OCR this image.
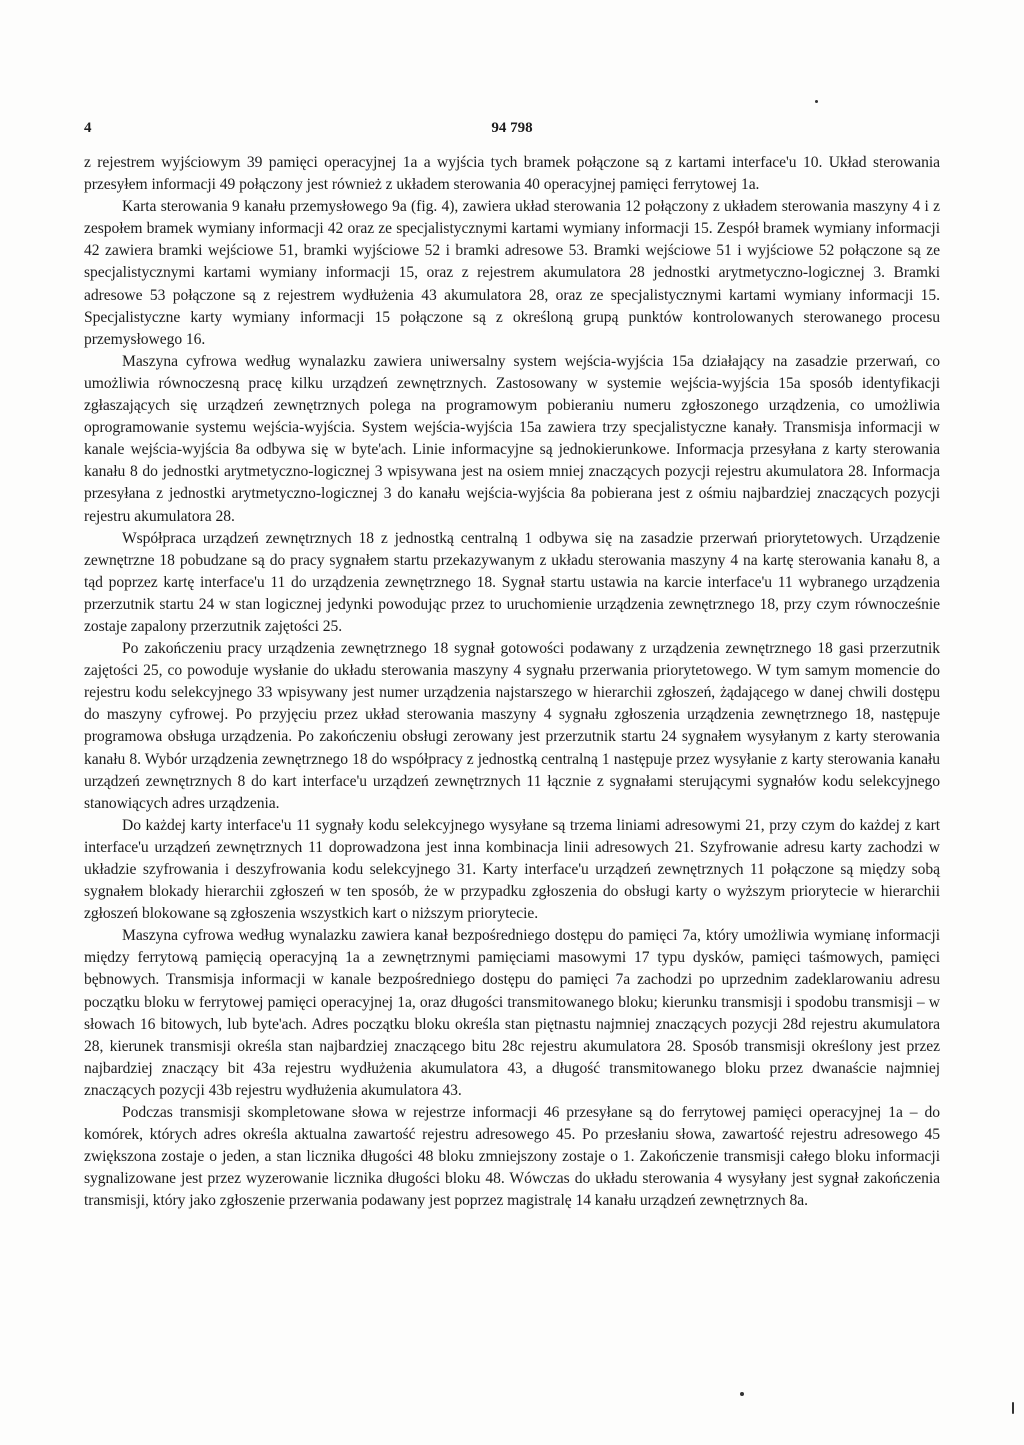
4	94 798

z rejestrem wyjściowym 39 pamięci operacyjnej 1a a wyjścia tych bramek połączone są z kartami interface'u 10. Układ sterowania przesyłem informacji 49 połączony jest również z układem sterowania 40 operacyjnej pamięci ferrytowej 1a.

Karta sterowania 9 kanału przemysłowego 9a (fig. 4), zawiera układ sterowania 12 połączony z układem sterowania maszyny 4 i z zespołem bramek wymiany informacji 42 oraz ze specjalistycznymi kartami wymiany informacji 15. Zespół bramek wymiany informacji 42 zawiera bramki wejściowe 51, bramki wyjściowe 52 i bramki adresowe 53. Bramki wejściowe 51 i wyjściowe 52 połączone są ze specjalistycznymi kartami wymiany informacji 15, oraz z rejestrem akumulatora 28 jednostki arytmetyczno-logicznej 3. Bramki adresowe 53 połączone są z rejestrem wydłużenia 43 akumulatora 28, oraz ze specjalistycznymi kartami wymiany informacji 15. Specjalistyczne karty wymiany informacji 15 połączone są z określoną grupą punktów kontrolowanych sterowanego procesu przemysłowego 16.

Maszyna cyfrowa według wynalazku zawiera uniwersalny system wejścia-wyjścia 15a działający na zasadzie przerwań, co umożliwia równoczesną pracę kilku urządzeń zewnętrznych. Zastosowany w systemie wejścia-wyjścia 15a sposób identyfikacji zgłaszających się urządzeń zewnętrznych polega na programowym pobieraniu numeru zgłoszonego urządzenia, co umożliwia oprogramowanie systemu wejścia-wyjścia. System wejścia-wyjścia 15a zawiera trzy specjalistyczne kanały. Transmisja informacji w kanale wejścia-wyjścia 8a odbywa się w byte'ach. Linie informacyjne są jednokierunkowe. Informacja przesyłana z karty sterowania kanału 8 do jednostki arytmetyczno-logicznej 3 wpisywana jest na osiem mniej znaczących pozycji rejestru akumulatora 28. Informacja przesyłana z jednostki arytmetyczno-logicznej 3 do kanału wejścia-wyjścia 8a pobierana jest z ośmiu najbardziej znaczących pozycji rejestru akumulatora 28.

Współpraca urządzeń zewnętrznych 18 z jednostką centralną 1 odbywa się na zasadzie przerwań priorytetowych. Urządzenie zewnętrzne 18 pobudzane są do pracy sygnałem startu przekazywanym z układu sterowania maszyny 4 na kartę sterowania kanału 8, a tąd poprzez kartę interface'u 11 do urządzenia zewnętrznego 18. Sygnał startu ustawia na karcie interface'u 11 wybranego urządzenia przerzutnik startu 24 w stan logicznej jedynki powodując przez to uruchomienie urządzenia zewnętrznego 18, przy czym równocześnie zostaje zapalony przerzutnik zajętości 25.

Po zakończeniu pracy urządzenia zewnętrznego 18 sygnał gotowości podawany z urządzenia zewnętrznego 18 gasi przerzutnik zajętości 25, co powoduje wysłanie do układu sterowania maszyny 4 sygnału przerwania priorytetowego. W tym samym momencie do rejestru kodu selekcyjnego 33 wpisywany jest numer urządzenia najstarszego w hierarchii zgłoszeń, żądającego w danej chwili dostępu do maszyny cyfrowej. Po przyjęciu przez układ sterowania maszyny 4 sygnału zgłoszenia urządzenia zewnętrznego 18, następuje programowa obsługa urządzenia. Po zakończeniu obsługi zerowany jest przerzutnik startu 24 sygnałem wysyłanym z karty sterowania kanału 8. Wybór urządzenia zewnętrznego 18 do współpracy z jednostką centralną 1 następuje przez wysyłanie z karty sterowania kanału urządzeń zewnętrznych 8 do kart interface'u urządzeń zewnętrznych 11 łącznie z sygnałami sterującymi sygnałów kodu selekcyjnego stanowiących adres urządzenia.

Do każdej karty interface'u 11 sygnały kodu selekcyjnego wysyłane są trzema liniami adresowymi 21, przy czym do każdej z kart interface'u urządzeń zewnętrznych 11 doprowadzona jest inna kombinacja linii adresowych 21. Szyfrowanie adresu karty zachodzi w układzie szyfrowania i deszyfrowania kodu selekcyjnego 31. Karty interface'u urządzeń zewnętrznych 11 połączone są między sobą sygnałem blokady hierarchii zgłoszeń w ten sposób, że w przypadku zgłoszenia do obsługi karty o wyższym priorytecie w hierarchii zgłoszeń blokowane są zgłoszenia wszystkich kart o niższym priorytecie.

Maszyna cyfrowa według wynalazku zawiera kanał bezpośredniego dostępu do pamięci 7a, który umożliwia wymianę informacji między ferrytową pamięcią operacyjną 1a a zewnętrznymi pamięciami masowymi 17 typu dysków, pamięci taśmowych, pamięci bębnowych. Transmisja informacji w kanale bezpośredniego dostępu do pamięci 7a zachodzi po uprzednim zadeklarowaniu adresu początku bloku w ferrytowej pamięci operacyjnej 1a, oraz długości transmitowanego bloku; kierunku transmisji i spodobu transmisji – w słowach 16 bitowych, lub byte'ach. Adres początku bloku określa stan piętnastu najmniej znaczących pozycji 28d rejestru akumulatora 28, kierunek transmisji określa stan najbardziej znaczącego bitu 28c rejestru akumulatora 28. Sposób transmisji określony jest przez najbardziej znaczący bit 43a rejestru wydłużenia akumulatora 43, a długość transmitowanego bloku przez dwanaście najmniej znaczących pozycji 43b rejestru wydłużenia akumulatora 43.

Podczas transmisji skompletowane słowa w rejestrze informacji 46 przesyłane są do ferrytowej pamięci operacyjnej 1a – do komórek, których adres określa aktualna zawartość rejestru adresowego 45. Po przesłaniu słowa, zawartość rejestru adresowego 45 zwiększona zostaje o jeden, a stan licznika długości 48 bloku zmniejszony zostaje o 1. Zakończenie transmisji całego bloku informacji sygnalizowane jest przez wyzerowanie licznika długości bloku 48. Wówczas do układu sterowania 4 wysyłany jest sygnał zakończenia transmisji, który jako zgłoszenie przerwania podawany jest poprzez magistralę 14 kanału urządzeń zewnętrznych 8a.
